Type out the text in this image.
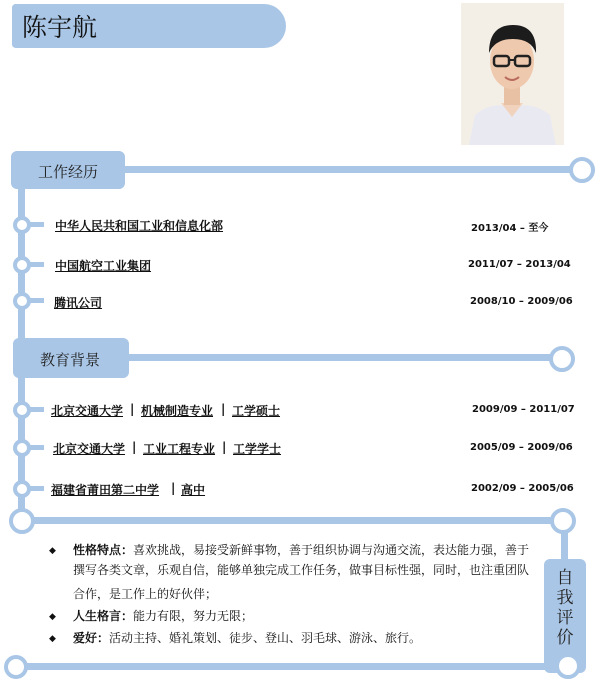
陈宇航
工作经历
中华人民共和国工业和信息化部	2013/04 – 至今
中国航空工业集团	2011/07 – 2013/04
腾讯公司	2008/10 – 2009/06
教育背景
北京交通大学 | 机械制造专业 | 工学硕士	2009/09 – 2011/07
北京交通大学 | 工业工程专业 | 工学学士	2005/09 – 2009/06
福建省莆田第二中学 | 高中	2002/09 – 2005/06
自我评价
◆ 性格特点：喜欢挑战，易接受新鲜事物，善于组织协调与沟通交流，表达能力强，善于
撰写各类文章，乐观自信，能够单独完成工作任务，做事目标性强，同时，也注重团队
合作，是工作上的好伙伴；
◆ 人生格言：能力有限，努力无限；
◆ 爱好：活动主持、婚礼策划、徒步、登山、羽毛球、游泳、旅行。
